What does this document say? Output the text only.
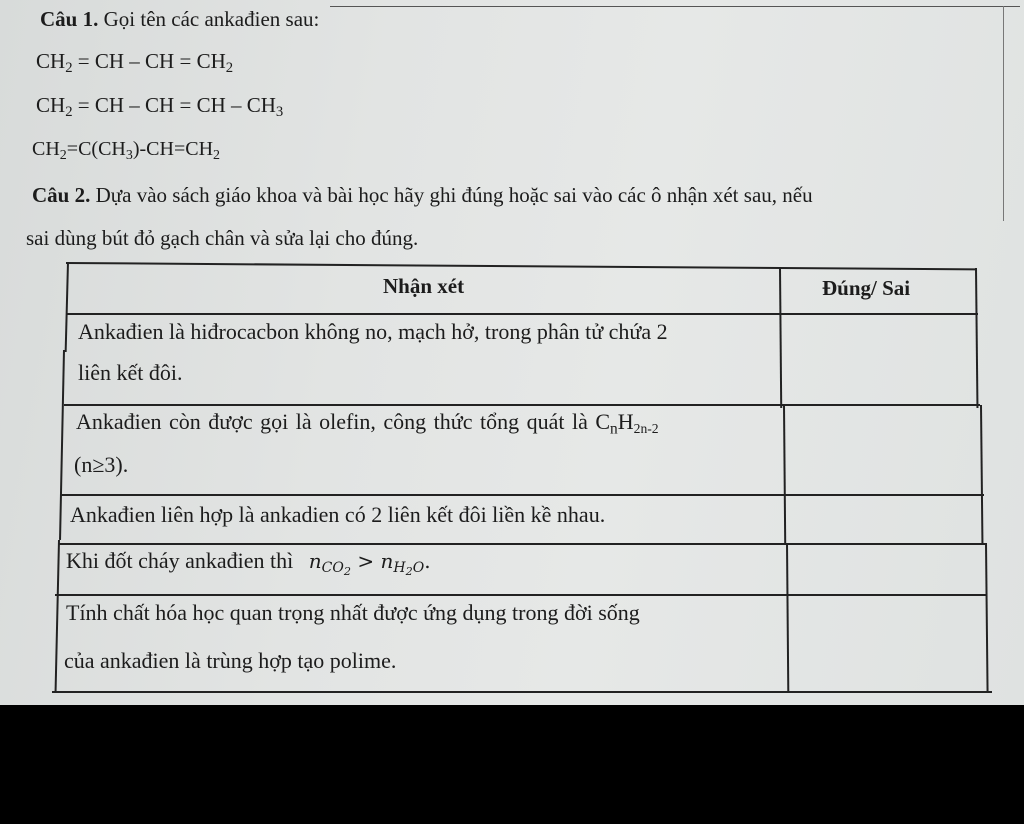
Câu 1. Gọi tên các ankađien sau:
$CH_2$ = CH – CH = $CH_2$
$CH_2$ = CH – CH = CH – $CH_3$
$CH_2=C(CH_3)-CH=CH_2$
Câu 2. Dựa vào sách giáo khoa và bài học hãy ghi đúng hoặc sai vào các ô nhận xét sau, nếu
sai dùng bút đỏ gạch chân và sửa lại cho đúng.
Nhận xét	Đúng/ Sai
Ankađien là hiđrocacbon không no, mạch hở, trong phân tử chứa 2
liên kết đôi.
Ankađien còn được gọi là olefin, công thức tổng quát là $C_nH_{2n-2}$
(n≥3).
Ankađien liên hợp là ankadien có 2 liên kết đôi liền kề nhau.
Khi đốt cháy ankađien thì $n_{CO_2} > n_{H_2O}$.
Tính chất hóa học quan trọng nhất được ứng dụng trong đời sống
của ankađien là trùng hợp tạo polime.
